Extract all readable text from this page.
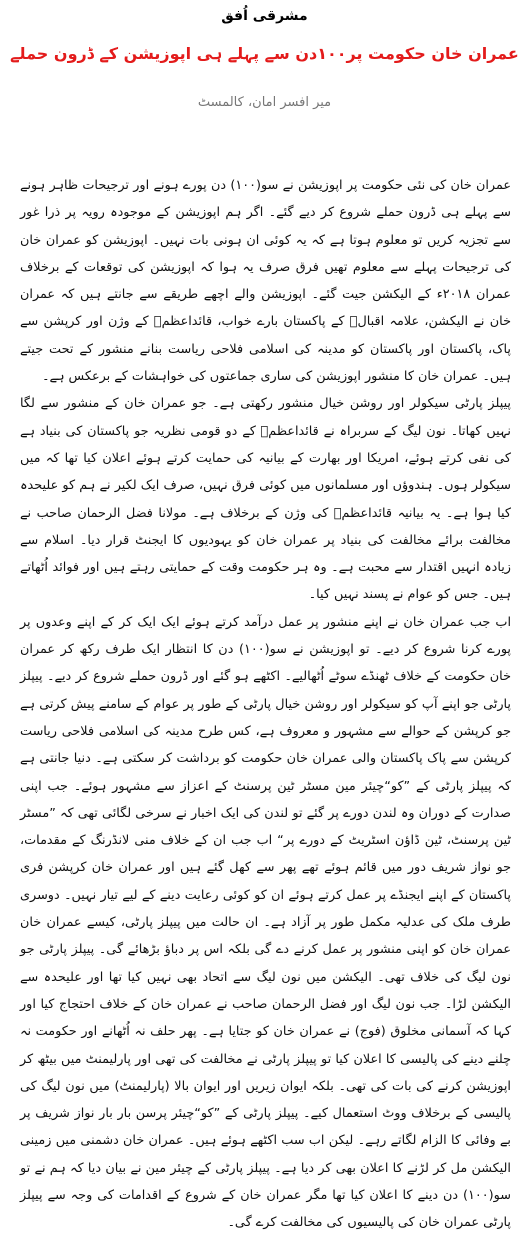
مشرقی اُفق
عمران خان حکومت پر۱۰۰دن سے پہلے ہی اپوزیشن کے ڈرون حملے
میر افسر امان، کالمسٹ

عمران خان کی نئی حکومت پر اپوزیشن نے سو(۱۰۰) دن پورے ہونے اور ترجیحات ظاہر ہونے سے پہلے ہی ڈرون حملے شروع کر دیے گئے۔ اگر ہم اپوزیشن کے موجودہ رویہ پر ذرا غور سے تجزیہ کریں تو معلوم ہوتا ہے کہ یہ کوئی ان ہونی بات نہیں۔ اپوزیشن کو عمران خان کی ترجیحات پہلے سے معلوم تھیں فرق صرف یہ ہوا کہ اپوزیشن کی توقعات کے برخلاف عمران ۲۰۱۸ء کے الیکشن جیت گئے۔ اپوزیشن والے اچھے طریقے سے جانتے ہیں کہ عمران خان نے الیکشن، علامہ اقبالؒ کے پاکستان بارے خواب، قائداعظمؒ کے وژن اور کرپشن سے پاک، پاکستان اور پاکستان کو مدینہ کی اسلامی فلاحی ریاست بنانے منشور کے تحت جیتے ہیں۔ عمران خان کا منشور اپوزیشن کی ساری جماعتوں کی خواہشات کے برعکس ہے۔

پیپلز پارٹی سیکولر اور روشن خیال منشور رکھتی ہے۔ جو عمران خان کے منشور سے لگا نہیں کھاتا۔ نون لیگ کے سربراہ نے قائداعظمؒ کے دو قومی نظریہ جو پاکستان کی بنیاد ہے کی نفی کرتے ہوئے، امریکا اور بھارت کے بیانیہ کی حمایت کرتے ہوئے اعلان کیا تھا کہ میں سیکولر ہوں۔ ہندوؤں اور مسلمانوں میں کوئی فرق نہیں، صرف ایک لکیر نے ہم کو علیحدہ کیا ہوا ہے۔ یہ بیانیہ قائداعظمؒ کی وژن کے برخلاف ہے۔ مولانا فضل الرحمان صاحب نے مخالفت برائے مخالفت کی بنیاد پر عمران خان کو یہودیوں کا ایجنٹ قرار دیا۔ اسلام سے زیادہ انہیں اقتدار سے محبت ہے۔ وہ ہر حکومت وقت کے حمایتی رہتے ہیں اور فوائد اُٹھاتے ہیں۔ جس کو عوام نے پسند نہیں کیا۔

اب جب عمران خان نے اپنے منشور پر عمل درآمد کرتے ہوئے ایک ایک کر کے اپنے وعدوں پر پورے کرنا شروع کر دیے۔ تو اپوزیشن نے سو(۱۰۰) دن کا انتظار ایک طرف رکھ کر عمران خان حکومت کے خلاف ٹھنڈے سوٹے اُٹھالیے۔ اکٹھے ہو گئے اور ڈرون حملے شروع کر دیے۔ پیپلز پارٹی جو اپنے آپ کو سیکولر اور روشن خیال پارٹی کے طور پر عوام کے سامنے پیش کرتی ہے جو کرپشن کے حوالے سے مشہور و معروف ہے، کس طرح مدینہ کی اسلامی فلاحی ریاست کرپشن سے پاک پاکستان والی عمران خان حکومت کو برداشت کر سکتی ہے۔ دنیا جانتی ہے کہ پیپلز پارٹی کے ”کو“چیئر مین مسٹر ٹین پرسنٹ کے اعزاز سے مشہور ہوئے۔ جب اپنی صدارت کے دوران وہ لندن دورے پر گئے تو لندن کی ایک اخبار نے سرخی لگائی تھی کہ ”مسٹر ٹین پرسنٹ، ٹین ڈاؤن اسٹریٹ کے دورے پر“ اب جب ان کے خلاف منی لانڈرنگ کے مقدمات، جو نواز شریف دور میں قائم ہوئے تھے پھر سے کھل گئے ہیں اور عمران خان کرپشن فری پاکستان کے اپنے ایجنڈے پر عمل کرتے ہوئے ان کو کوئی رعایت دینے کے لیے تیار نہیں۔ دوسری طرف ملک کی عدلیہ مکمل طور پر آزاد ہے۔ ان حالت میں پیپلز پارٹی، کیسے عمران خان عمران خان کو اپنی منشور پر عمل کرنے دے گی بلکہ اس پر دباؤ بڑھائے گی۔ پیپلز پارٹی جو نون لیگ کی خلاف تھی۔ الیکشن میں نون لیگ سے اتحاد بھی نہیں کیا تھا اور علیحدہ سے الیکشن لڑا۔ جب نون لیگ اور فضل الرحمان صاحب نے عمران خان کے خلاف احتجاج کیا اور کہا کہ آسمانی مخلوق (فوج) نے عمران خان کو جتایا ہے۔ پھر حلف نہ اُٹھانے اور حکومت نہ چلنے دینے کی پالیسی کا اعلان کیا تو پیپلز پارٹی نے مخالفت کی تھی اور پارلیمنٹ میں بیٹھ کر اپوزیشن کرنے کی بات کی تھی۔ بلکہ ایوان زیریں اور ایوان بالا (پارلیمنٹ) میں نون لیگ کی پالیسی کے برخلاف ووٹ استعمال کیے۔ پیپلز پارٹی کے ”کو“چیئر پرسن بار بار نواز شریف پر بے وفائی کا الزام لگاتے رہے۔ لیکن اب سب اکٹھے ہوئے ہیں۔ عمران خان دشمنی میں زمینی الیکشن مل کر لڑنے کا اعلان بھی کر دیا ہے۔ پیپلز پارٹی کے چیئر مین نے بیان دیا کہ ہم نے تو سو(۱۰۰) دن دینے کا اعلان کیا تھا مگر عمران خان کے شروع کے اقدامات کی وجہ سے پیپلز پارٹی عمران خان کی پالیسیوں کی مخالفت کرے گی۔
